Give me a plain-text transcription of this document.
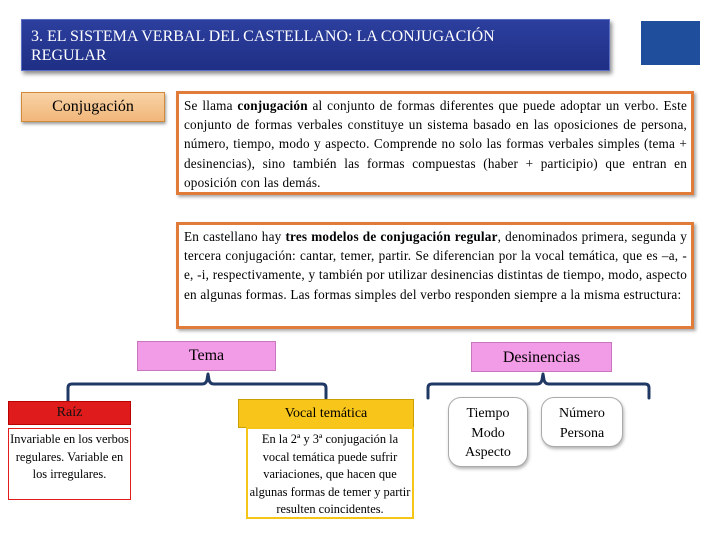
3. EL SISTEMA VERBAL DEL CASTELLANO: LA CONJUGACIÓN
REGULAR
Conjugación	Se llama conjugación al conjunto de formas diferentes que puede adoptar un verbo. Este conjunto de formas verbales constituye un sistema basado en las oposiciones de persona, número, tiempo, modo y aspecto. Comprende no solo las formas verbales simples (tema + desinencias), sino también las formas compuestas (haber + participio) que entran en oposición con las demás.
En castellano hay tres modelos de conjugación regular, denominados primera, segunda y tercera conjugación: cantar, temer, partir. Se diferencian por la vocal temática, que es –a, -e, -i, respectivamente, y también por utilizar desinencias distintas de tiempo, modo, aspecto en algunas formas. Las formas simples del verbo responden siempre a la misma estructura:
Tema	Desinencias
Raíz
Invariable en los verbos regulares. Variable en los irregulares.
Vocal temática
En la 2ª y 3ª conjugación la vocal temática puede sufrir variaciones, que hacen que algunas formas de temer y partir resulten coincidentes.
Tiempo
Modo
Aspecto
Número
Persona
